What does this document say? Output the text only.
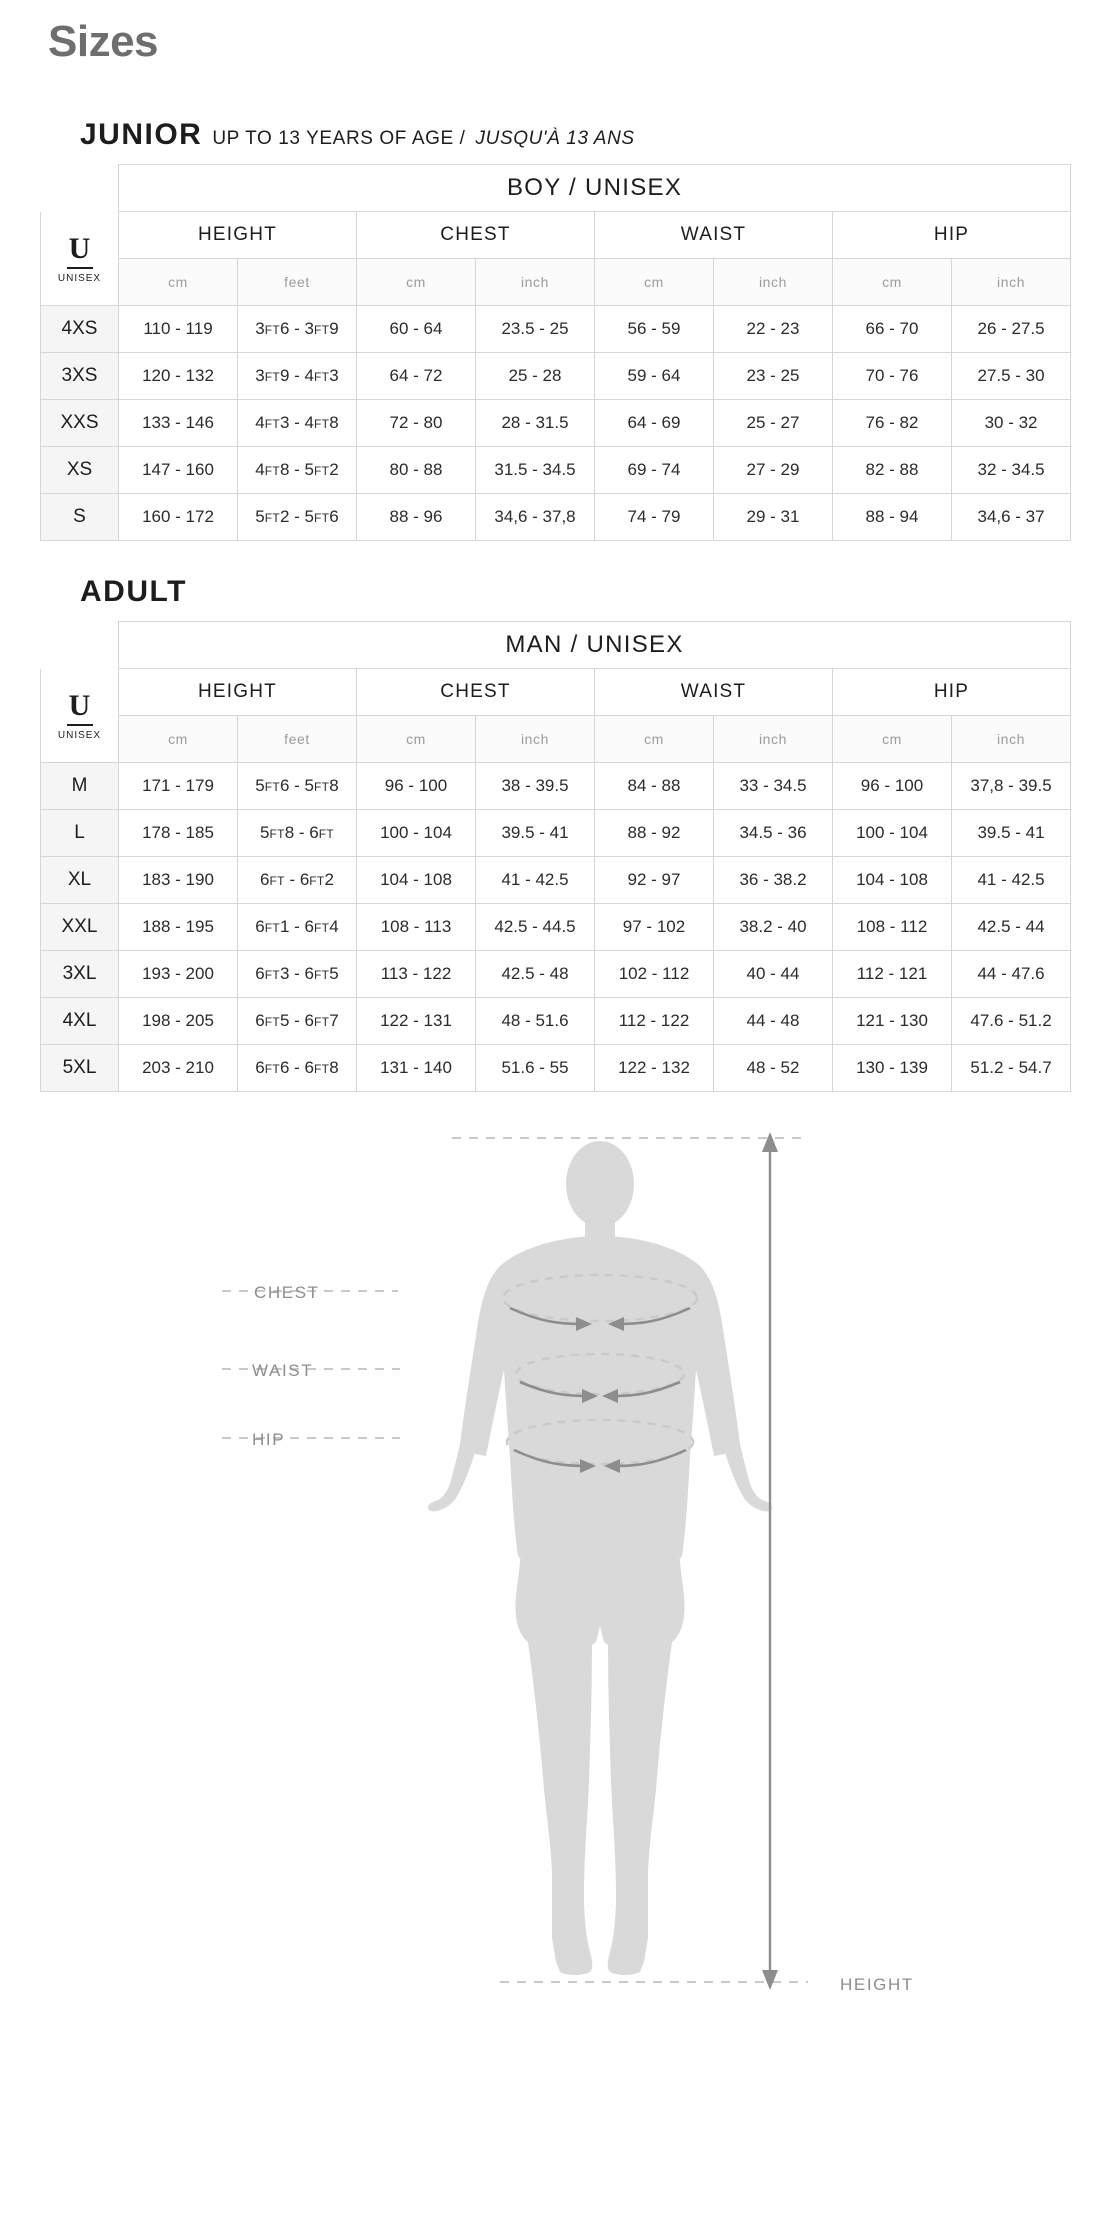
Sizes
JUNIOR UP TO 13 YEARS OF AGE / JUSQU'À 13 ANS
	BOY / UNISEX							

U
UNISEX	HEIGHT		CHEST		WAIST		HIP	
	cm	feet	cm	inch	cm	inch	cm	inch
4XS	110 - 119	3FT6 - 3FT9	60 - 64	23.5 - 25	56 - 59	22 - 23	66 - 70	26 - 27.5
3XS	120 - 132	3FT9 - 4FT3	64 - 72	25 - 28	59 - 64	23 - 25	70 - 76	27.5 - 30
XXS	133 - 146	4FT3 - 4FT8	72 - 80	28 - 31.5	64 - 69	25 - 27	76 - 82	30 - 32
XS	147 - 160	4FT8 - 5FT2	80 - 88	31.5 - 34.5	69 - 74	27 - 29	82 - 88	32 - 34.5
S	160 - 172	5FT2 - 5FT6	88 - 96	34,6 - 37,8	74 - 79	29 - 31	88 - 94	34,6 - 37
ADULT
	MAN / UNISEX							

U
UNISEX	HEIGHT		CHEST		WAIST		HIP	
	cm	feet	cm	inch	cm	inch	cm	inch
M	171 - 179	5FT6 - 5FT8	96 - 100	38 - 39.5	84 - 88	33 - 34.5	96 - 100	37,8 - 39.5
L	178 - 185	5FT8 - 6FT	100 - 104	39.5 - 41	88 - 92	34.5 - 36	100 - 104	39.5 - 41
XL	183 - 190	6FT - 6FT2	104 - 108	41 - 42.5	92 - 97	36 - 38.2	104 - 108	41 - 42.5
XXL	188 - 195	6FT1 - 6FT4	108 - 113	42.5 - 44.5	97 - 102	38.2 - 40	108 - 112	42.5 - 44
3XL	193 - 200	6FT3 - 6FT5	113 - 122	42.5 - 48	102 - 112	40 - 44	112 - 121	44 - 47.6
4XL	198 - 205	6FT5 - 6FT7	122 - 131	48 - 51.6	112 - 122	44 - 48	121 - 130	47.6 - 51.2
5XL	203 - 210	6FT6 - 6FT8	131 - 140	51.6 - 55	122 - 132	48 - 52	130 - 139	51.2 - 54.7
CHEST
WAIST
HIP
HEIGHT
